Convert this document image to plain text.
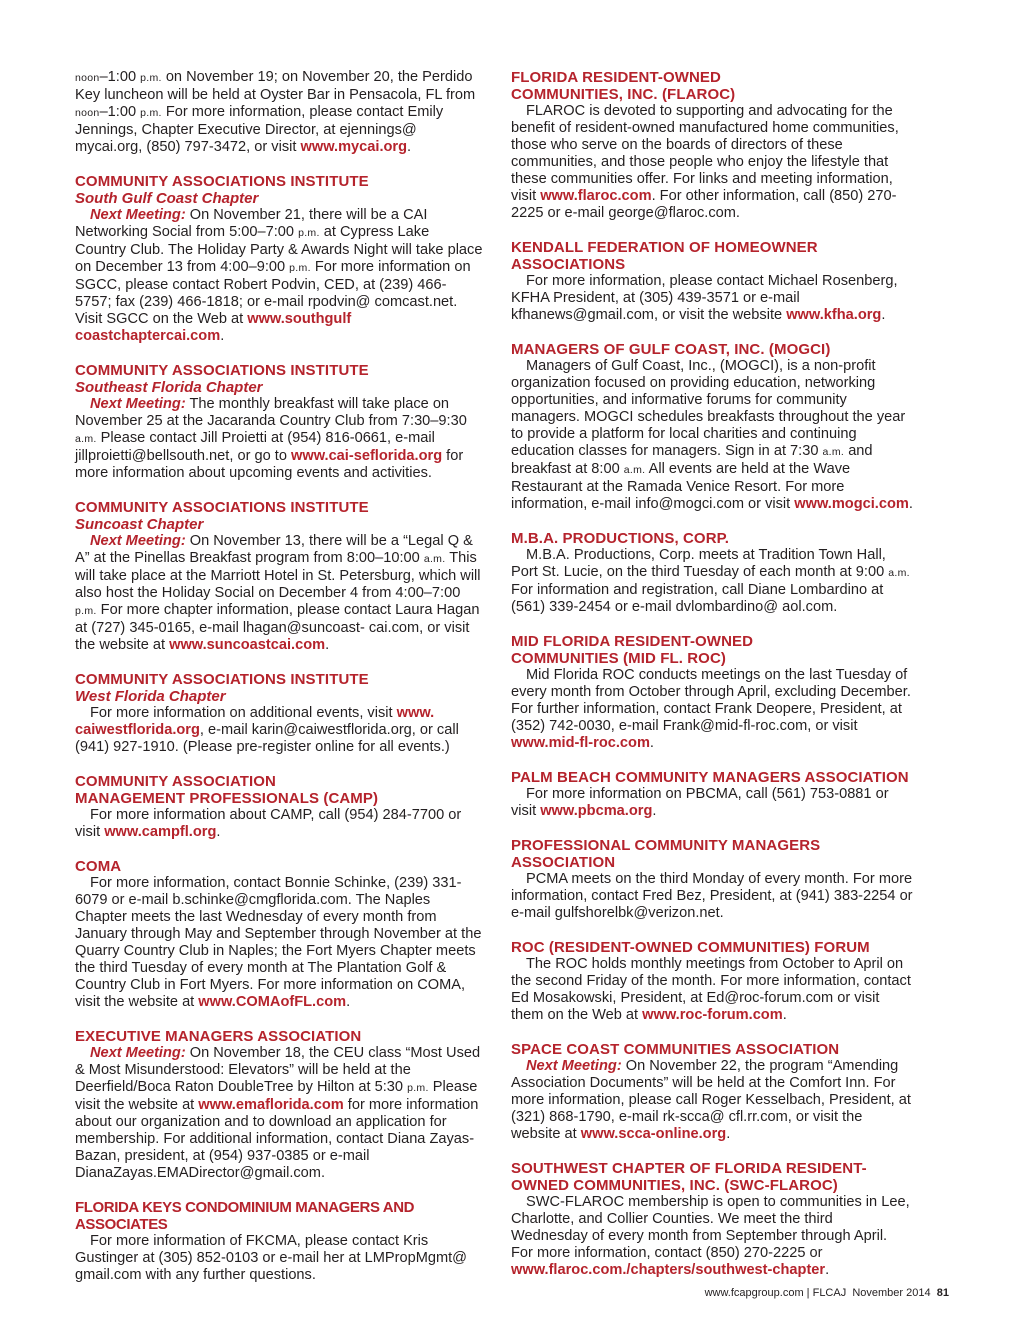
noon–1:00 p.m. on November 19; on November 20, the Perdido Key luncheon will be held at Oyster Bar in Pensacola, FL from noon–1:00 p.m. For more information, please contact Emily Jennings, Chapter Executive Director, at ejennings@ mycai.org, (850) 797-3472, or visit www.mycai.org.

COMMUNITY ASSOCIATIONS INSTITUTE
South Gulf Coast Chapter

Next Meeting: On November 21, there will be a CAI Networking Social from 5:00–7:00 p.m. at Cypress Lake Country Club. The Holiday Party & Awards Night will take place on December 13 from 4:00–9:00 p.m. For more information on SGCC, please contact Robert Podvin, CED, at (239) 466-5757; fax (239) 466-1818; or e-mail rpodvin@ comcast.net. Visit SGCC on the Web at www.southgulf coastchaptercai.com.

COMMUNITY ASSOCIATIONS INSTITUTE
Southeast Florida Chapter

Next Meeting: The monthly breakfast will take place on November 25 at the Jacaranda Country Club from 7:30–9:30 a.m. Please contact Jill Proietti at (954) 816-0661, e-mail jillproietti@bellsouth.net, or go to www.cai-seflorida.org for more information about upcoming events and activities.

COMMUNITY ASSOCIATIONS INSTITUTE
Suncoast Chapter

Next Meeting: On November 13, there will be a “Legal Q & A” at the Pinellas Breakfast program from 8:00–10:00 a.m. This will take place at the Marriott Hotel in St. Petersburg, which will also host the Holiday Social on December 4 from 4:00–7:00 p.m. For more chapter information, please contact Laura Hagan at (727) 345-0165, e-mail lhagan@suncoast- cai.com, or visit the website at www.suncoastcai.com.

COMMUNITY ASSOCIATIONS INSTITUTE
West Florida Chapter

For more information on additional events, visit www. caiwestflorida.org, e-mail karin@caiwestflorida.org, or call (941) 927-1910. (Please pre-register online for all events.)

COMMUNITY ASSOCIATION
MANAGEMENT PROFESSIONALS (CAMP)

For more information about CAMP, call (954) 284-7700 or visit www.campfl.org.

COMA

For more information, contact Bonnie Schinke, (239) 331-6079 or e-mail b.schinke@cmgflorida.com. The Naples Chapter meets the last Wednesday of every month from January through May and September through November at the Quarry Country Club in Naples; the Fort Myers Chapter meets the third Tuesday of every month at The Plantation Golf & Country Club in Fort Myers. For more information on COMA, visit the website at www.COMAofFL.com.

EXECUTIVE MANAGERS ASSOCIATION

Next Meeting: On November 18, the CEU class “Most Used & Most Misunderstood: Elevators” will be held at the Deerfield/Boca Raton DoubleTree by Hilton at 5:30 p.m. Please visit the website at www.emaflorida.com for more information about our organization and to download an application for membership. For additional information, contact Diana Zayas-Bazan, president, at (954) 937-0385 or e-mail DianaZayas.EMADirector@gmail.com.

FLORIDA KEYS CONDOMINIUM MANAGERS AND ASSOCIATES

For more information of FKCMA, please contact Kris Gustinger at (305) 852-0103 or e-mail her at LMPropMgmt@ gmail.com with any further questions.

FLORIDA RESIDENT-OWNED
COMMUNITIES, INC. (FLAROC)

FLAROC is devoted to supporting and advocating for the benefit of resident-owned manufactured home communities, those who serve on the boards of directors of these communities, and those people who enjoy the lifestyle that these communities offer. For links and meeting information, visit www.flaroc.com. For other information, call (850) 270-2225 or e-mail george@flaroc.com.

KENDALL FEDERATION OF HOMEOWNER ASSOCIATIONS

For more information, please contact Michael Rosenberg, KFHA President, at (305) 439-3571 or e-mail kfhanews@gmail.com, or visit the website www.kfha.org.

MANAGERS OF GULF COAST, INC. (MOGCI)

Managers of Gulf Coast, Inc., (MOGCI), is a non-profit organization focused on providing education, networking opportunities, and informative forums for community managers. MOGCI schedules breakfasts throughout the year to provide a platform for local charities and continuing education classes for managers. Sign in at 7:30 a.m. and breakfast at 8:00 a.m. All events are held at the Wave Restaurant at the Ramada Venice Resort. For more information, e-mail info@mogci.com or visit www.mogci.com.

M.B.A. PRODUCTIONS, CORP.

M.B.A. Productions, Corp. meets at Tradition Town Hall, Port St. Lucie, on the third Tuesday of each month at 9:00 a.m. For information and registration, call Diane Lombardino at (561) 339-2454 or e-mail dvlombardino@ aol.com.

MID FLORIDA RESIDENT-OWNED
COMMUNITIES (MID FL. ROC)

Mid Florida ROC conducts meetings on the last Tuesday of every month from October through April, excluding December. For further information, contact Frank Deopere, President, at (352) 742-0030, e-mail Frank@mid-fl-roc.com, or visit www.mid-fl-roc.com.

PALM BEACH COMMUNITY MANAGERS ASSOCIATION

For more information on PBCMA, call (561) 753-0881 or visit www.pbcma.org.

PROFESSIONAL COMMUNITY MANAGERS ASSOCIATION

PCMA meets on the third Monday of every month. For more information, contact Fred Bez, President, at (941) 383-2254 or e-mail gulfshorelbk@verizon.net.

ROC (RESIDENT-OWNED COMMUNITIES) FORUM

The ROC holds monthly meetings from October to April on the second Friday of the month. For more information, contact Ed Mosakowski, President, at Ed@roc-forum.com or visit them on the Web at www.roc-forum.com.

SPACE COAST COMMUNITIES ASSOCIATION

Next Meeting: On November 22, the program “Amending Association Documents” will be held at the Comfort Inn. For more information, please call Roger Kesselbach, President, at (321) 868-1790, e-mail rk-scca@ cfl.rr.com, or visit the website at www.scca-online.org.

SOUTHWEST CHAPTER OF FLORIDA RESIDENT-
OWNED COMMUNITIES, INC. (SWC-FLAROC)

SWC-FLAROC membership is open to communities in Lee, Charlotte, and Collier Counties. We meet the third Wednesday of every month from September through April. For more information, contact (850) 270-2225 or www.flaroc.com./chapters/southwest-chapter.

www.fcapgroup.com | FLCAJ November 2014 81
